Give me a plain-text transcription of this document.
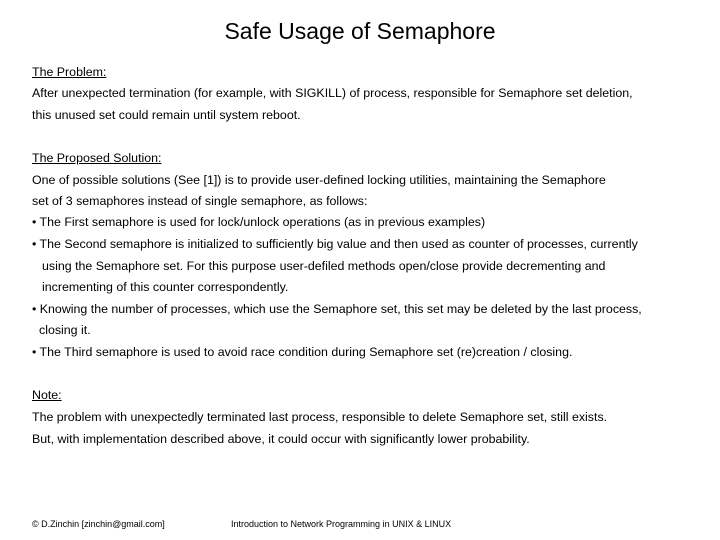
Safe Usage of Semaphore
The Problem:
After unexpected termination (for example, with SIGKILL) of process, responsible for Semaphore set deletion,
this unused set could remain until system reboot.
The Proposed Solution:
One of possible solutions (See [1]) is to provide user-defined locking utilities, maintaining the Semaphore
set of 3 semaphores instead of single semaphore, as follows:
• The First semaphore is used for lock/unlock operations (as in previous examples)
• The Second semaphore is initialized to sufficiently big value and then used as counter of processes, currently
using the Semaphore set. For this purpose user-defiled methods open/close provide decrementing and
incrementing of this counter correspondently.
• Knowing the number of processes, which use the Semaphore set, this set may be deleted by the last process,
closing it.
• The Third semaphore is used to avoid race condition during Semaphore set (re)creation / closing.
Note:
The problem with unexpectedly terminated last process, responsible to delete Semaphore set, still exists.
But, with implementation described above, it could occur with significantly lower probability.
© D.Zinchin [zinchin@gmail.com]	Introduction to Network Programming in UNIX & LINUX
